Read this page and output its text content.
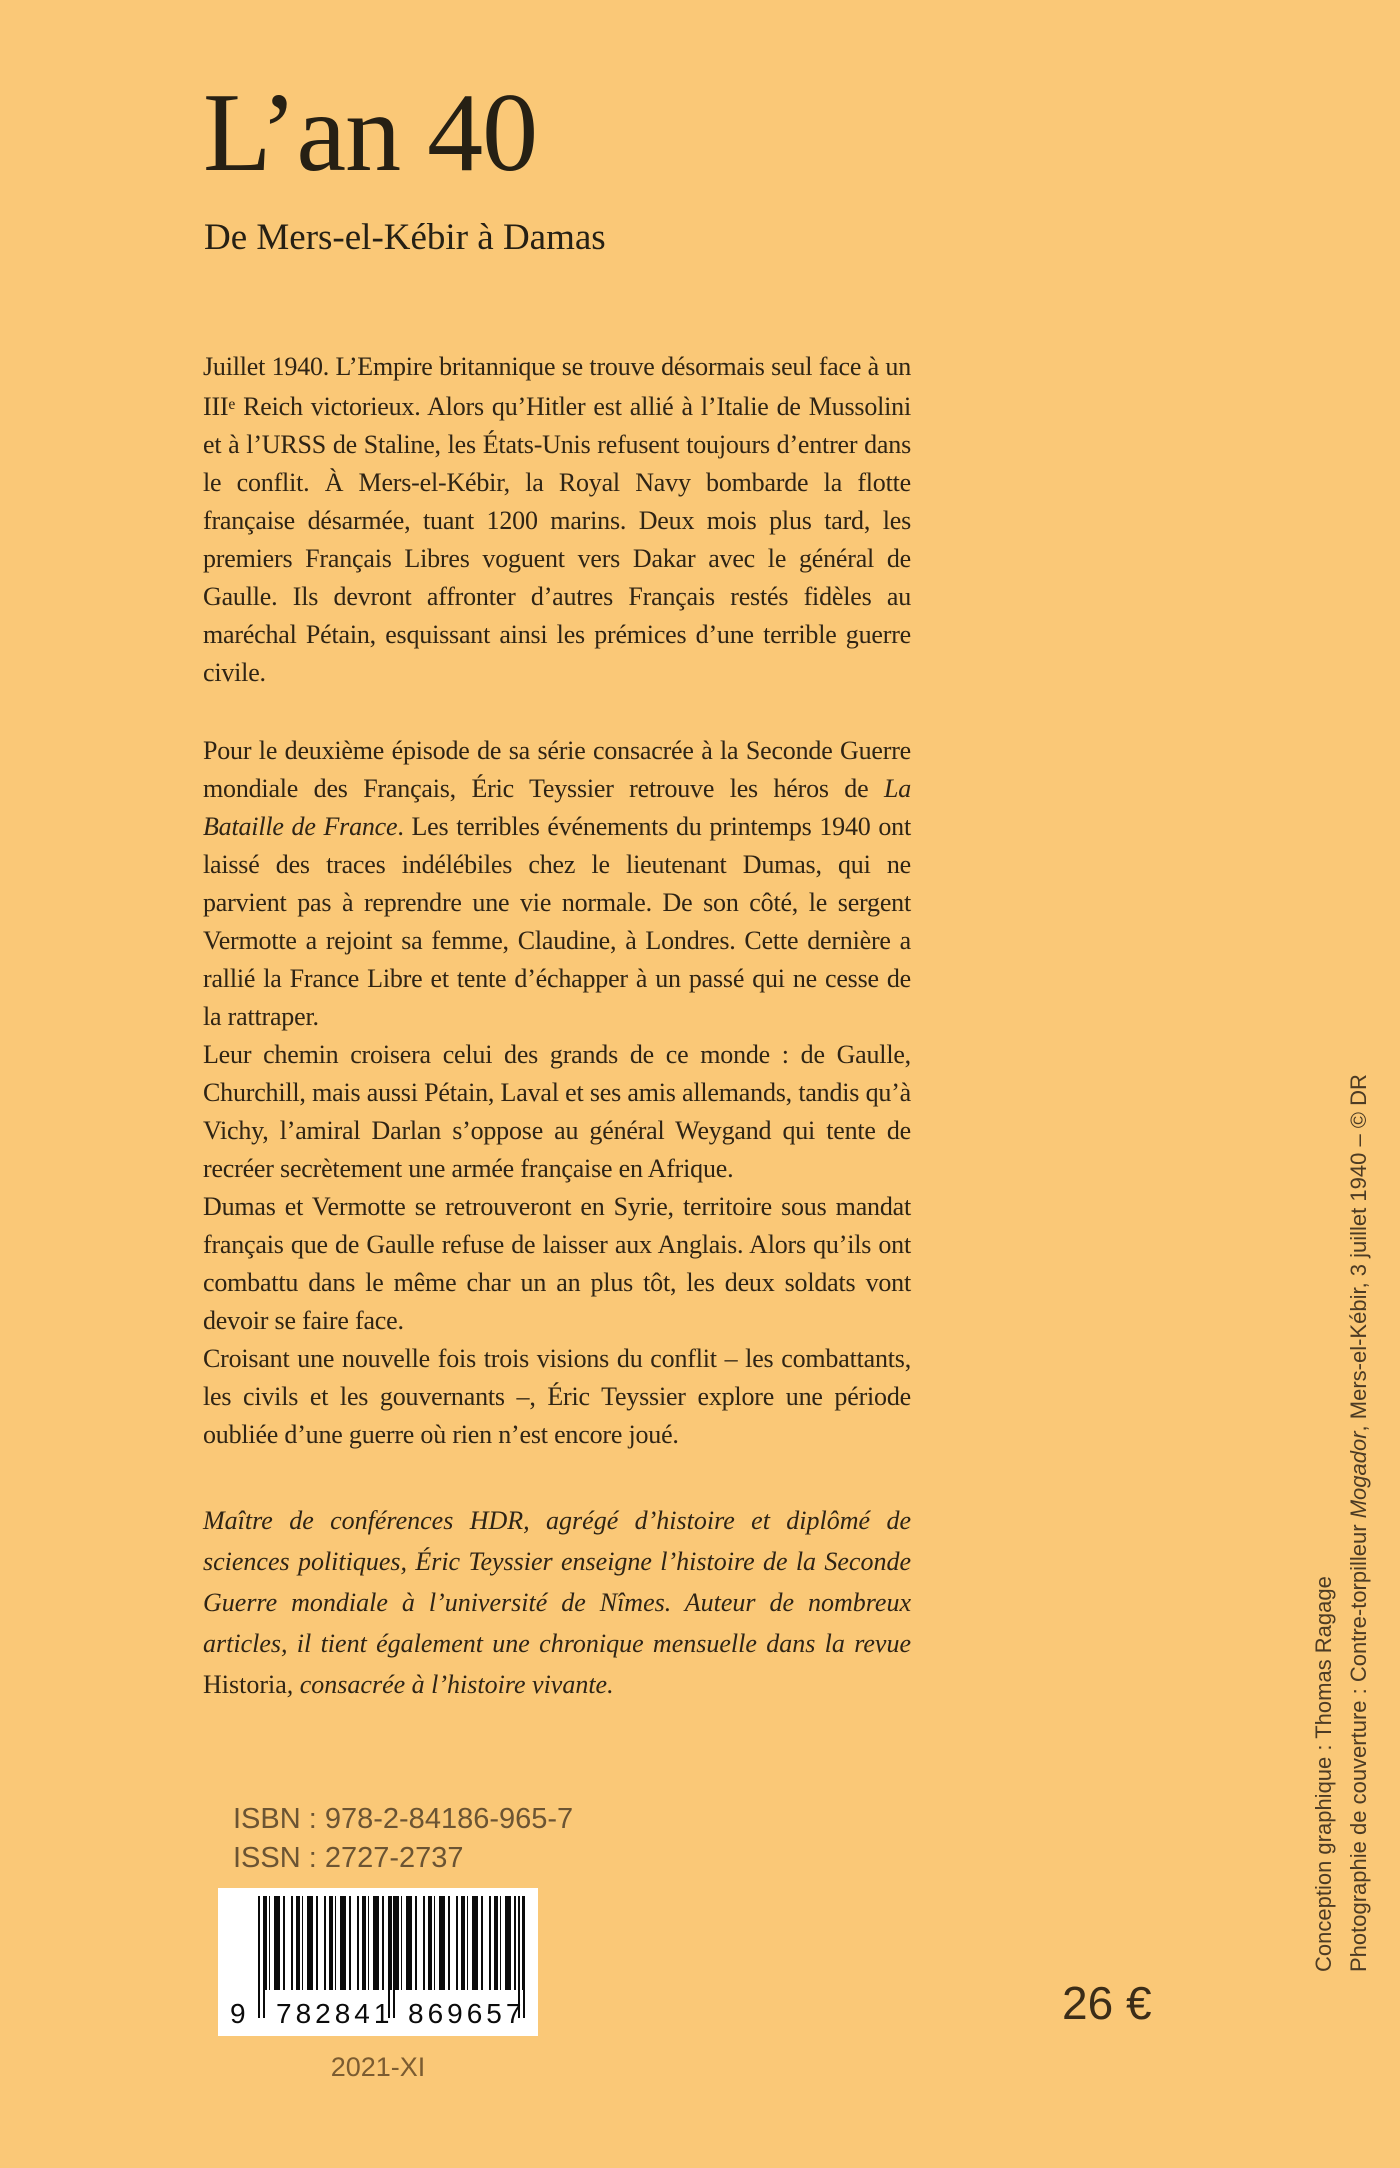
L’an 40
De Mers-el-Kébir à Damas

Juillet 1940. L’Empire britannique se trouve désormais seul face à un IIIe Reich victorieux. Alors qu’Hitler est allié à l’Italie de Mussolini et à l’URSS de Staline, les États-Unis refusent toujours d’entrer dans le conflit. À Mers-el-Kébir, la Royal Navy bombarde la flotte française désarmée, tuant 1200 marins. Deux mois plus tard, les premiers Français Libres voguent vers Dakar avec le général de Gaulle. Ils devront affronter d’autres Français restés fidèles au maréchal Pétain, esquissant ainsi les prémices d’une terrible guerre civile.

Pour le deuxième épisode de sa série consacrée à la Seconde Guerre mondiale des Français, Éric Teyssier retrouve les héros de La Bataille de France. Les terribles événements du printemps 1940 ont laissé des traces indélébiles chez le lieutenant Dumas, qui ne parvient pas à reprendre une vie normale. De son côté, le sergent Vermotte a rejoint sa femme, Claudine, à Londres. Cette dernière a rallié la France Libre et tente d’échapper à un passé qui ne cesse de la rattraper.

Leur chemin croisera celui des grands de ce monde : de Gaulle, Churchill, mais aussi Pétain, Laval et ses amis allemands, tandis qu’à Vichy, l’amiral Darlan s’oppose au général Weygand qui tente de recréer secrètement une armée française en Afrique.

Dumas et Vermotte se retrouveront en Syrie, territoire sous mandat français que de Gaulle refuse de laisser aux Anglais. Alors qu’ils ont combattu dans le même char un an plus tôt, les deux soldats vont devoir se faire face.

Croisant une nouvelle fois trois visions du conflit – les combattants, les civils et les gouvernants –, Éric Teyssier explore une période oubliée d’une guerre où rien n’est encore joué.

Maître de conférences HDR, agrégé d’histoire et diplômé de sciences politiques, Éric Teyssier enseigne l’histoire de la Seconde Guerre mondiale à l’université de Nîmes. Auteur de nombreux articles, il tient également une chronique mensuelle dans la revue Historia, consacrée à l’histoire vivante.
ISBN : 978-2-84186-965-7
ISSN : 2727-2737
9 782841 869657
2021-XI
26 €
Conception graphique : Thomas Ragage Photographie de couverture : Contre-torpilleur Mogador, Mers-el-Kébir, 3 juillet 1940 – © DR
